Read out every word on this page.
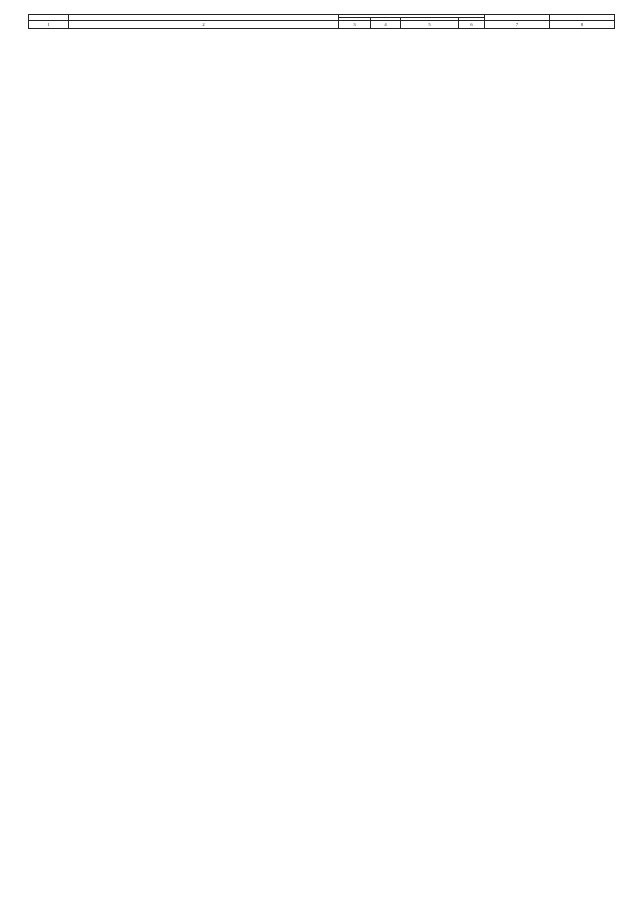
1	2	3	4	5	6	7	8
